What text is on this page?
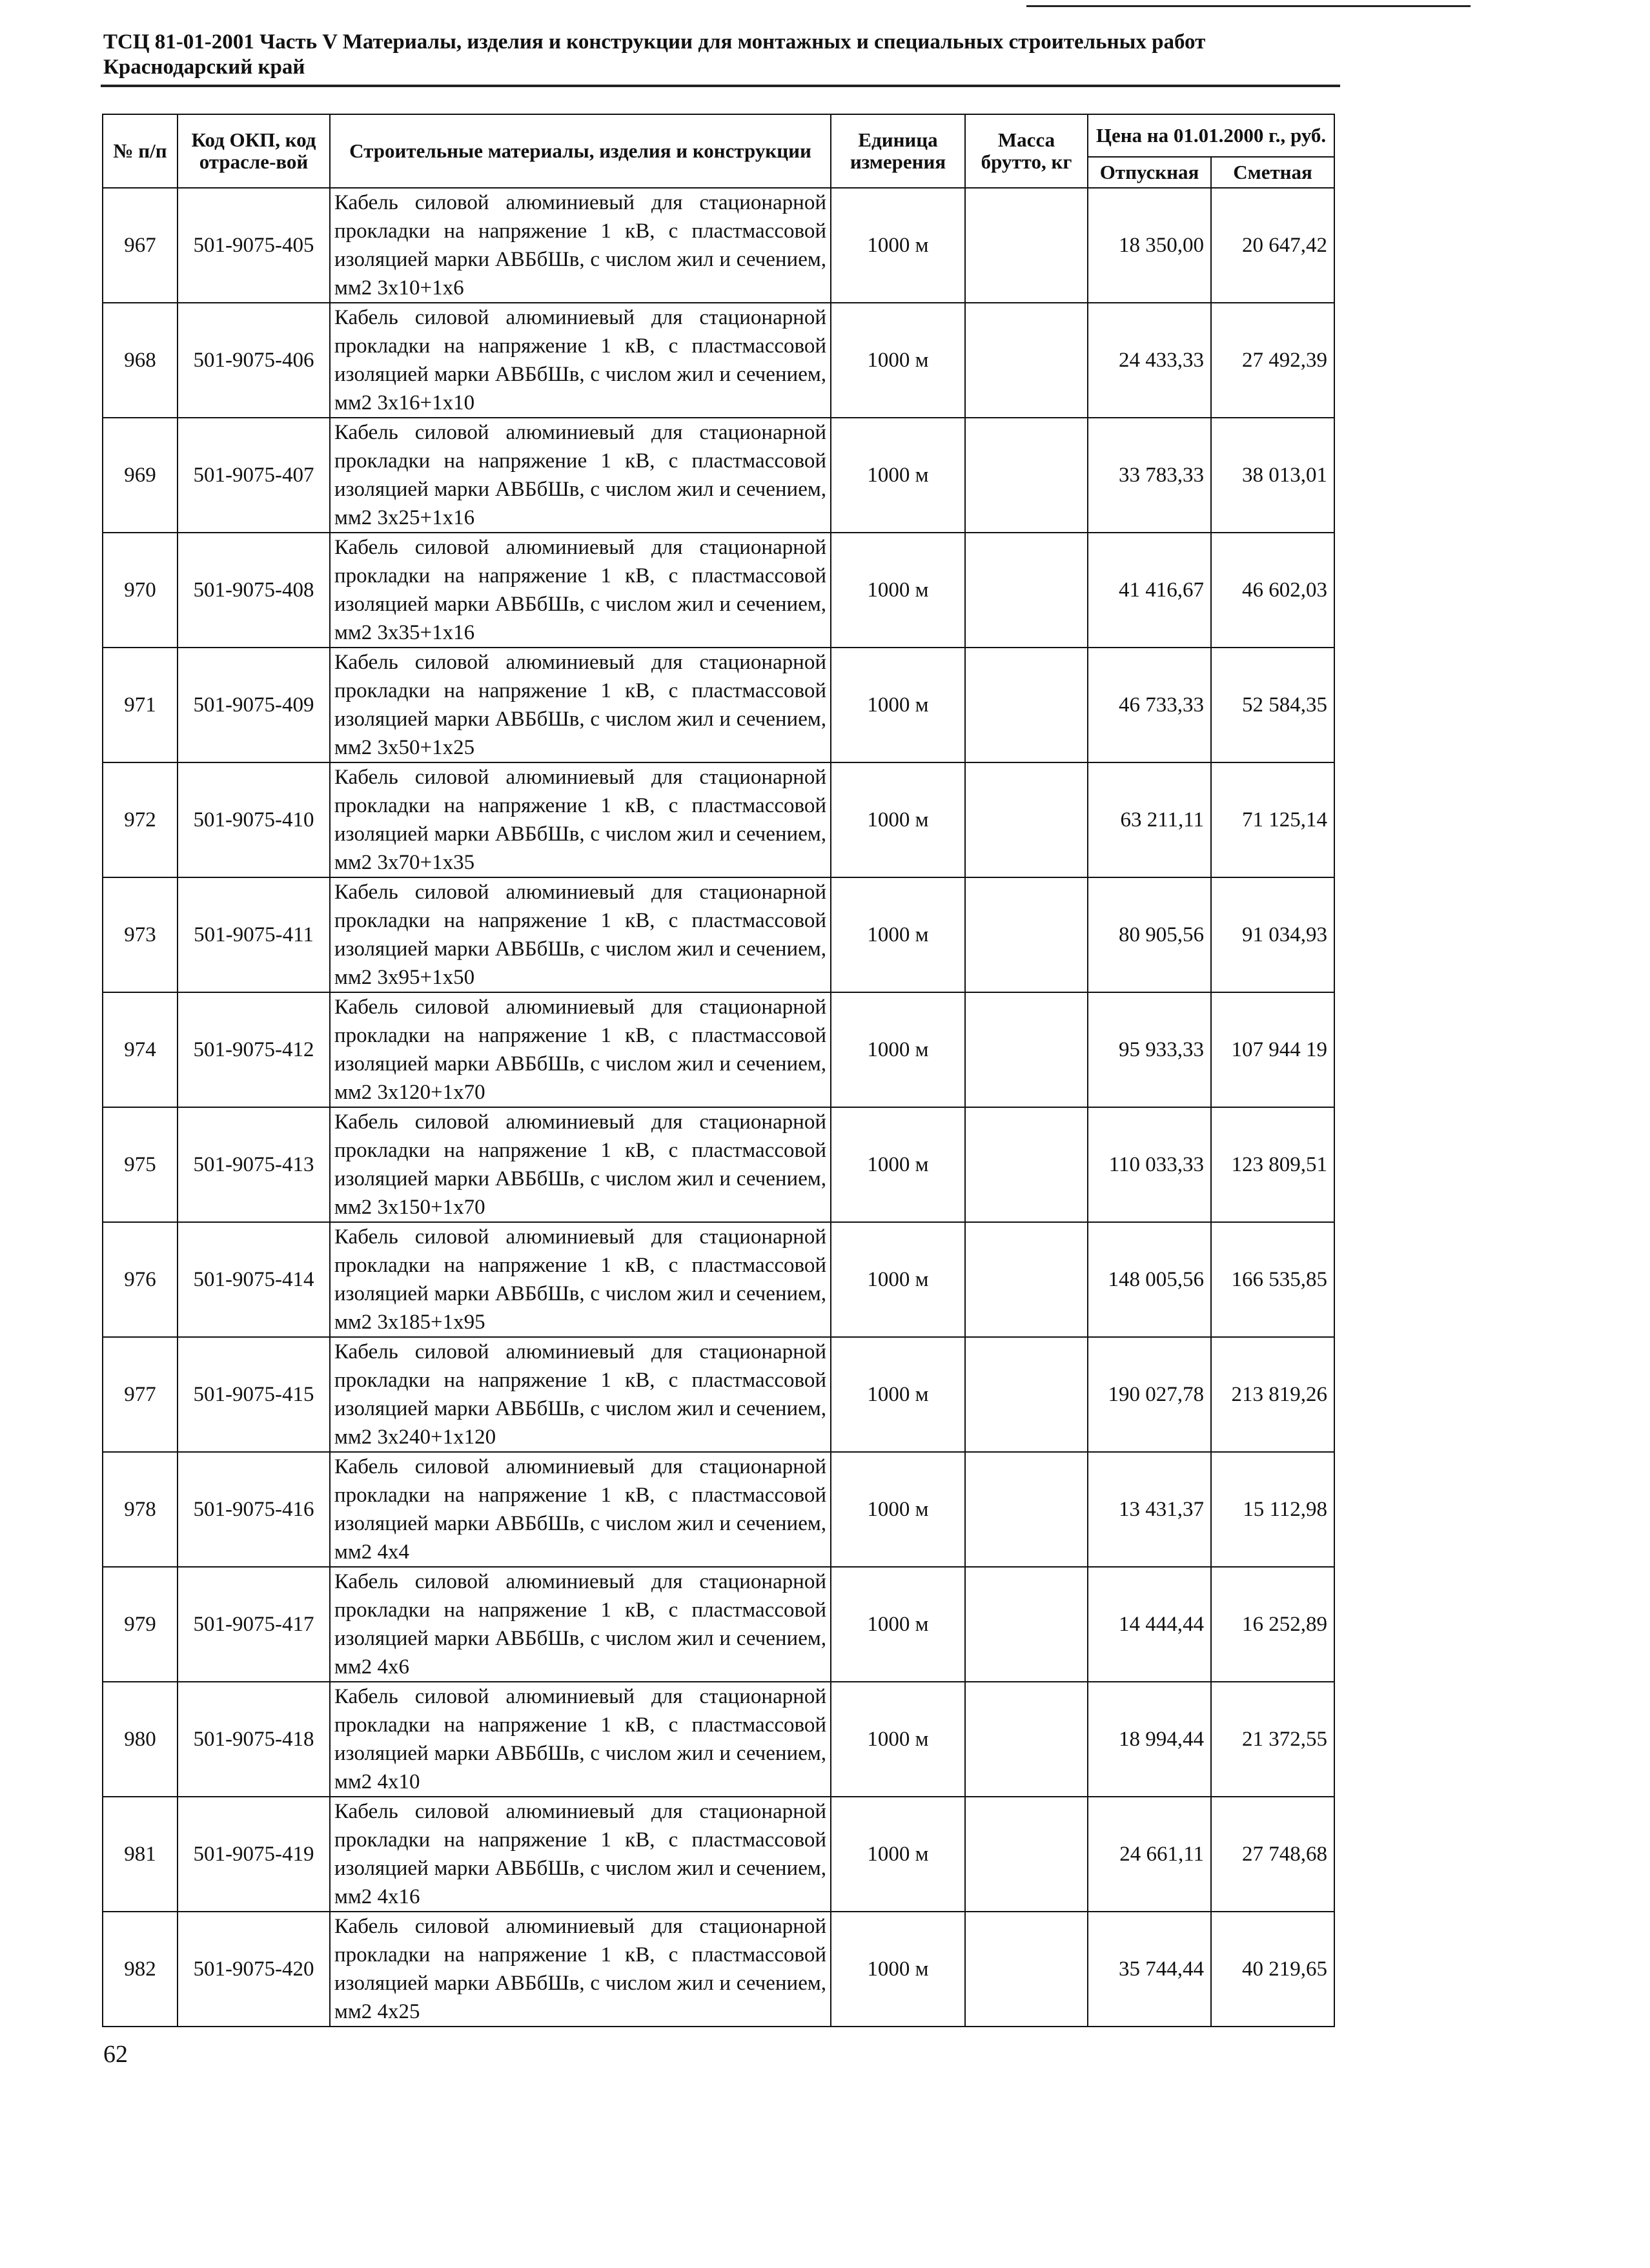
ТСЦ 81-01-2001 Часть V Материалы, изделия и конструкции для монтажных и специальных строительных работ
Краснодарский край
№ п/п	Код ОКП, код отрасле-вой	Строительные материалы, изделия и конструкции	Единица измерения	Масса брутто, кг	Цена на 01.01.2000 г., руб.	
					Отпускная	Сметная
967	501-9075-405	Кабель силовой алюминиевый для стационарной прокладки на напряжение 1 кВ, с пластмассовой изоляцией марки АВБбШв, с числом жил и сечением, мм2 3х10+1х6	1000 м		18 350,00	20 647,42
968	501-9075-406	Кабель силовой алюминиевый для стационарной прокладки на напряжение 1 кВ, с пластмассовой изоляцией марки АВБбШв, с числом жил и сечением, мм2 3х16+1х10	1000 м		24 433,33	27 492,39
969	501-9075-407	Кабель силовой алюминиевый для стационарной прокладки на напряжение 1 кВ, с пластмассовой изоляцией марки АВБбШв, с числом жил и сечением, мм2 3х25+1х16	1000 м		33 783,33	38 013,01
970	501-9075-408	Кабель силовой алюминиевый для стационарной прокладки на напряжение 1 кВ, с пластмассовой изоляцией марки АВБбШв, с числом жил и сечением, мм2 3х35+1х16	1000 м		41 416,67	46 602,03
971	501-9075-409	Кабель силовой алюминиевый для стационарной прокладки на напряжение 1 кВ, с пластмассовой изоляцией марки АВБбШв, с числом жил и сечением, мм2 3х50+1х25	1000 м		46 733,33	52 584,35
972	501-9075-410	Кабель силовой алюминиевый для стационарной прокладки на напряжение 1 кВ, с пластмассовой изоляцией марки АВБбШв, с числом жил и сечением, мм2 3х70+1х35	1000 м		63 211,11	71 125,14
973	501-9075-411	Кабель силовой алюминиевый для стационарной прокладки на напряжение 1 кВ, с пластмассовой изоляцией марки АВБбШв, с числом жил и сечением, мм2 3х95+1х50	1000 м		80 905,56	91 034,93
974	501-9075-412	Кабель силовой алюминиевый для стационарной прокладки на напряжение 1 кВ, с пластмассовой изоляцией марки АВБбШв, с числом жил и сечением, мм2 3х120+1х70	1000 м		95 933,33	107 944 19
975	501-9075-413	Кабель силовой алюминиевый для стационарной прокладки на напряжение 1 кВ, с пластмассовой изоляцией марки АВБбШв, с числом жил и сечением, мм2 3х150+1х70	1000 м		110 033,33	123 809,51
976	501-9075-414	Кабель силовой алюминиевый для стационарной прокладки на напряжение 1 кВ, с пластмассовой изоляцией марки АВБбШв, с числом жил и сечением, мм2 3х185+1х95	1000 м		148 005,56	166 535,85
977	501-9075-415	Кабель силовой алюминиевый для стационарной прокладки на напряжение 1 кВ, с пластмассовой изоляцией марки АВБбШв, с числом жил и сечением, мм2 3х240+1х120	1000 м		190 027,78	213 819,26
978	501-9075-416	Кабель силовой алюминиевый для стационарной прокладки на напряжение 1 кВ, с пластмассовой изоляцией марки АВБбШв, с числом жил и сечением, мм2 4х4	1000 м		13 431,37	15 112,98
979	501-9075-417	Кабель силовой алюминиевый для стационарной прокладки на напряжение 1 кВ, с пластмассовой изоляцией марки АВБбШв, с числом жил и сечением, мм2 4х6	1000 м		14 444,44	16 252,89
980	501-9075-418	Кабель силовой алюминиевый для стационарной прокладки на напряжение 1 кВ, с пластмассовой изоляцией марки АВБбШв, с числом жил и сечением, мм2 4х10	1000 м		18 994,44	21 372,55
981	501-9075-419	Кабель силовой алюминиевый для стационарной прокладки на напряжение 1 кВ, с пластмассовой изоляцией марки АВБбШв, с числом жил и сечением, мм2 4х16	1000 м		24 661,11	27 748,68
982	501-9075-420	Кабель силовой алюминиевый для стационарной прокладки на напряжение 1 кВ, с пластмассовой изоляцией марки АВБбШв, с числом жил и сечением, мм2 4х25	1000 м		35 744,44	40 219,65
62
